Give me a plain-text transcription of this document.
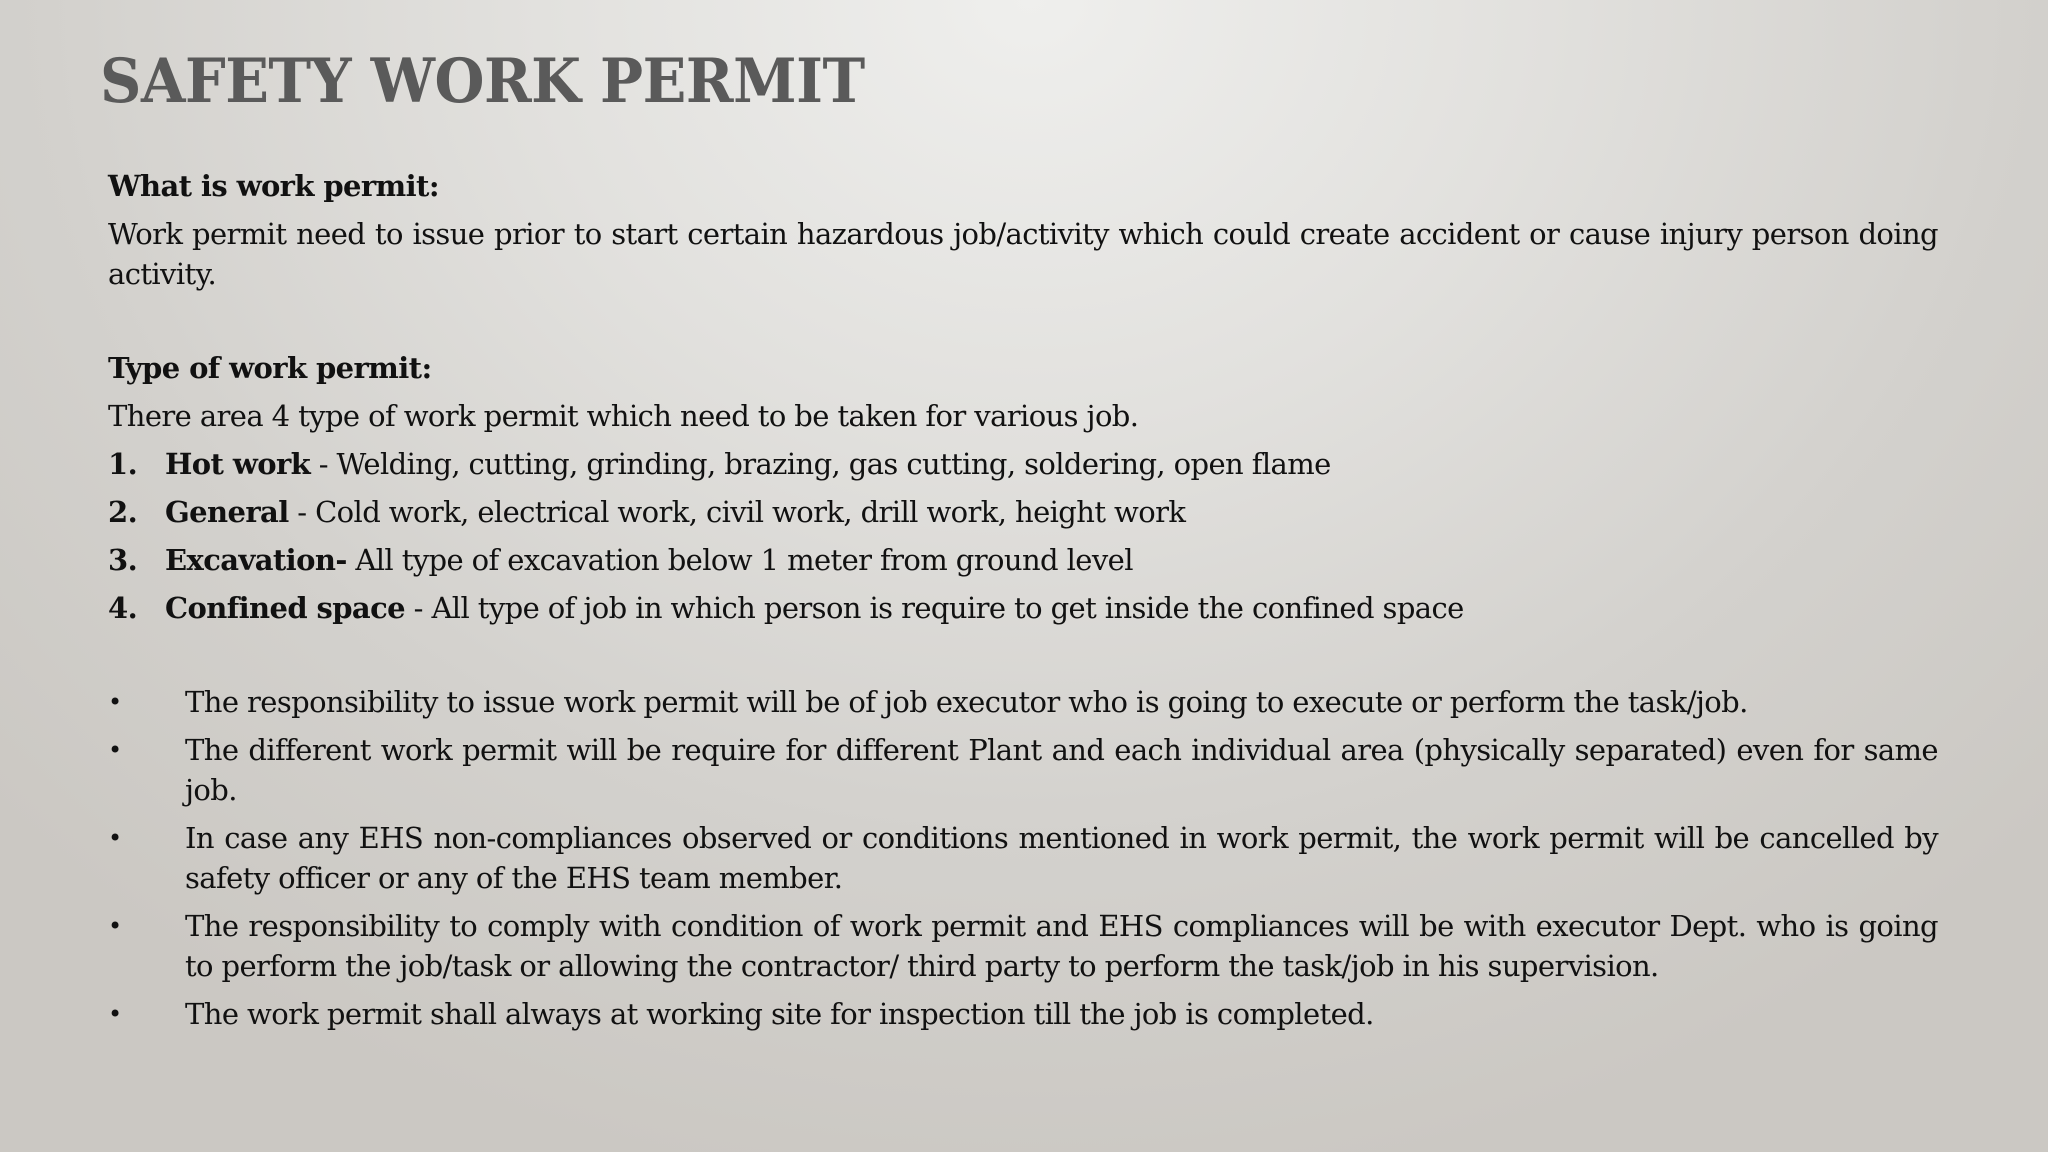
SAFETY WORK PERMIT

What is work permit:

Work permit need to issue prior to start certain hazardous job/activity which could create accident or cause injury person doing activity.

Type of work permit:

There area 4 type of work permit which need to be taken for various job.

1. Hot work - Welding, cutting, grinding, brazing, gas cutting, soldering, open flame
2. General - Cold work, electrical work, civil work, drill work, height work
3. Excavation- All type of excavation below 1 meter from ground level
4. Confined space - All type of job in which person is require to get inside the confined space
•	The responsibility to issue work permit will be of job executor who is going to execute or perform the task/job.
•	The different work permit will be require for different Plant and each individual area (physically separated) even for same job.
•	In case any EHS non-compliances observed or conditions mentioned in work permit, the work permit will be cancelled by safety officer or any of the EHS team member.
•	The responsibility to comply with condition of work permit and EHS compliances will be with executor Dept. who is going to perform the job/task or allowing the contractor/ third party to perform the task/job in his supervision.
•	The work permit shall always at working site for inspection till the job is completed.
